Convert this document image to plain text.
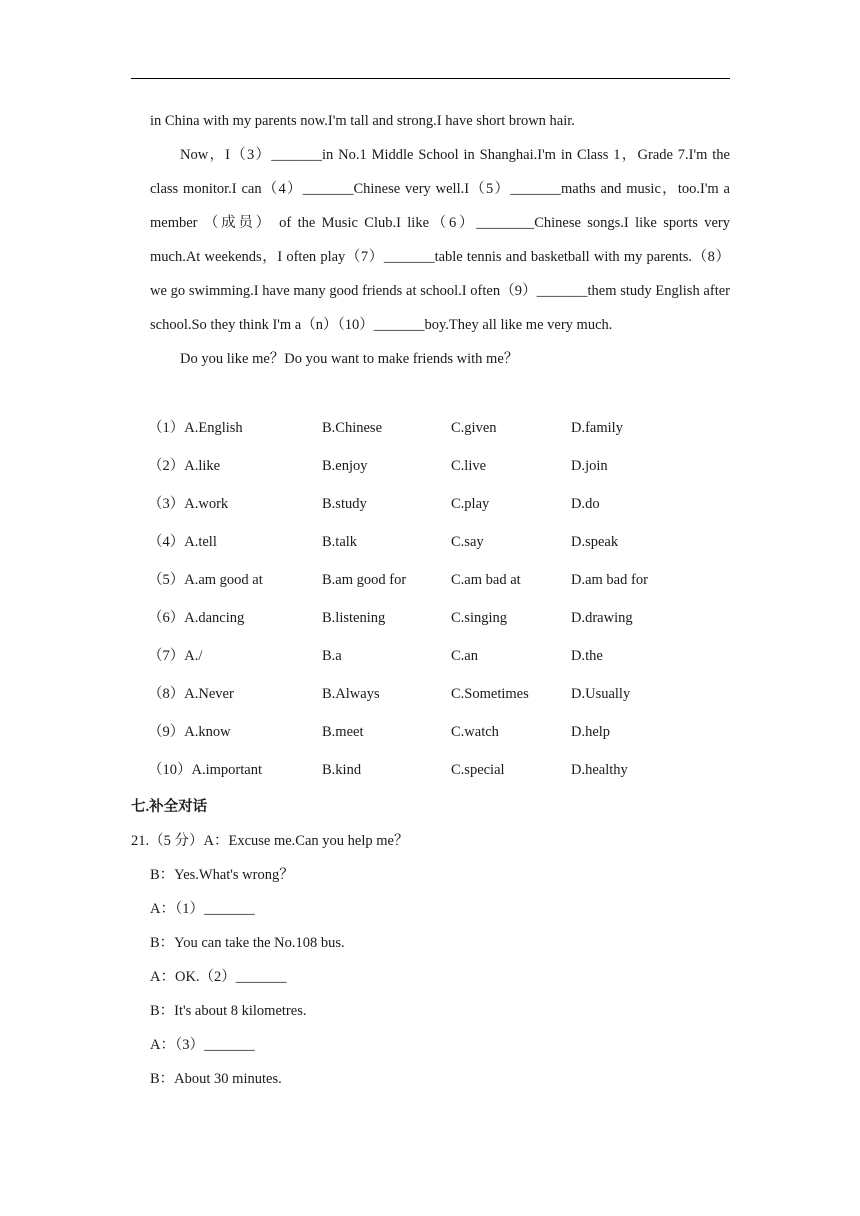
in China with my parents now.I'm tall and strong.I have short brown hair.

Now，I（3）_______in No.1 Middle School in Shanghai.I'm in Class 1，Grade 7.I'm the class monitor.I can（4）_______Chinese very well.I（5）_______maths and music，too.I'm a member （成员） of the Music Club.I like（6）________Chinese songs.I like sports very much.At weekends，I often play（7）_______table tennis and basketball with my parents.（8）we go swimming.I have many good friends at school.I often（9）_______them study English after school.So they think I'm a（n）（10）_______boy.They all like me very much.

Do you like me？Do you want to make friends with me？

（1）A.English	B.Chinese	C.given	D.family
（2）A.like	B.enjoy	C.live	D.join
（3）A.work	B.study	C.play	D.do
（4）A.tell	B.talk	C.say	D.speak
（5）A.am good at	B.am good for	C.am bad at	D.am bad for
（6）A.dancing	B.listening	C.singing	D.drawing
（7）A./	B.a	C.an	D.the
（8）A.Never	B.Always	C.Sometimes	D.Usually
（9）A.know	B.meet	C.watch	D.help
（10）A.important	B.kind	C.special	D.healthy
七.补全对话
21.（5 分）A：Excuse me.Can you help me？
B：Yes.What's wrong？
A：（1）_______
B：You can take the No.108 bus.
A：OK.（2）_______
B：It's about 8 kilometres.
A：（3）_______
B：About 30 minutes.
